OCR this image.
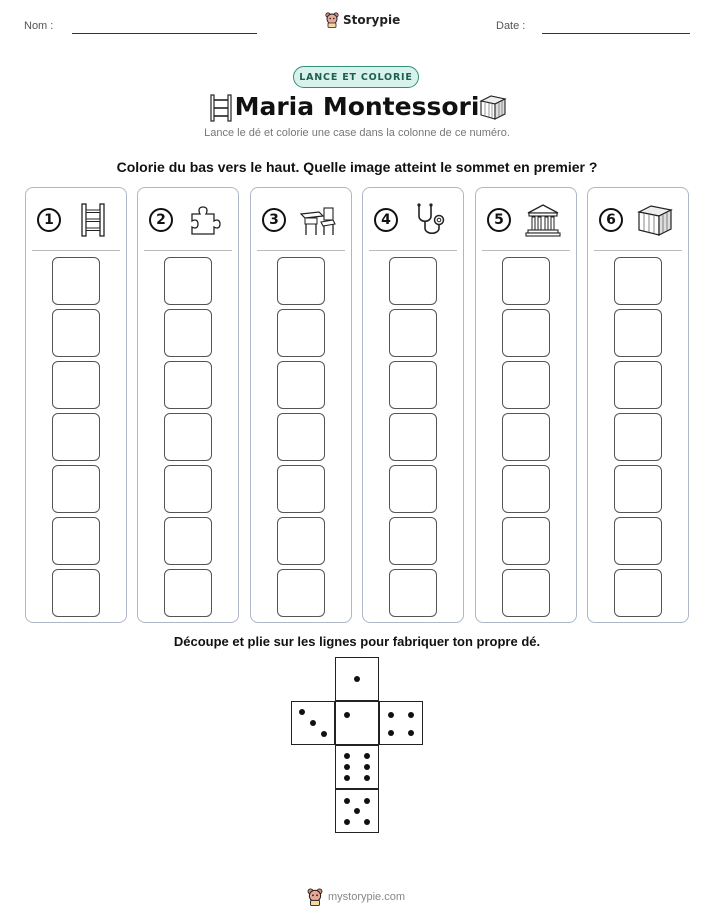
Nom :	Storypie	Date :
LANCE ET COLORIE
Maria Montessori
Lance le dé et colorie une case dans la colonne de ce numéro.
Colorie du bas vers le haut. Quelle image atteint le sommet en premier ?
1	2	3	4	5	6
Découpe et plie sur les lignes pour fabriquer ton propre dé.
mystorypie.com
